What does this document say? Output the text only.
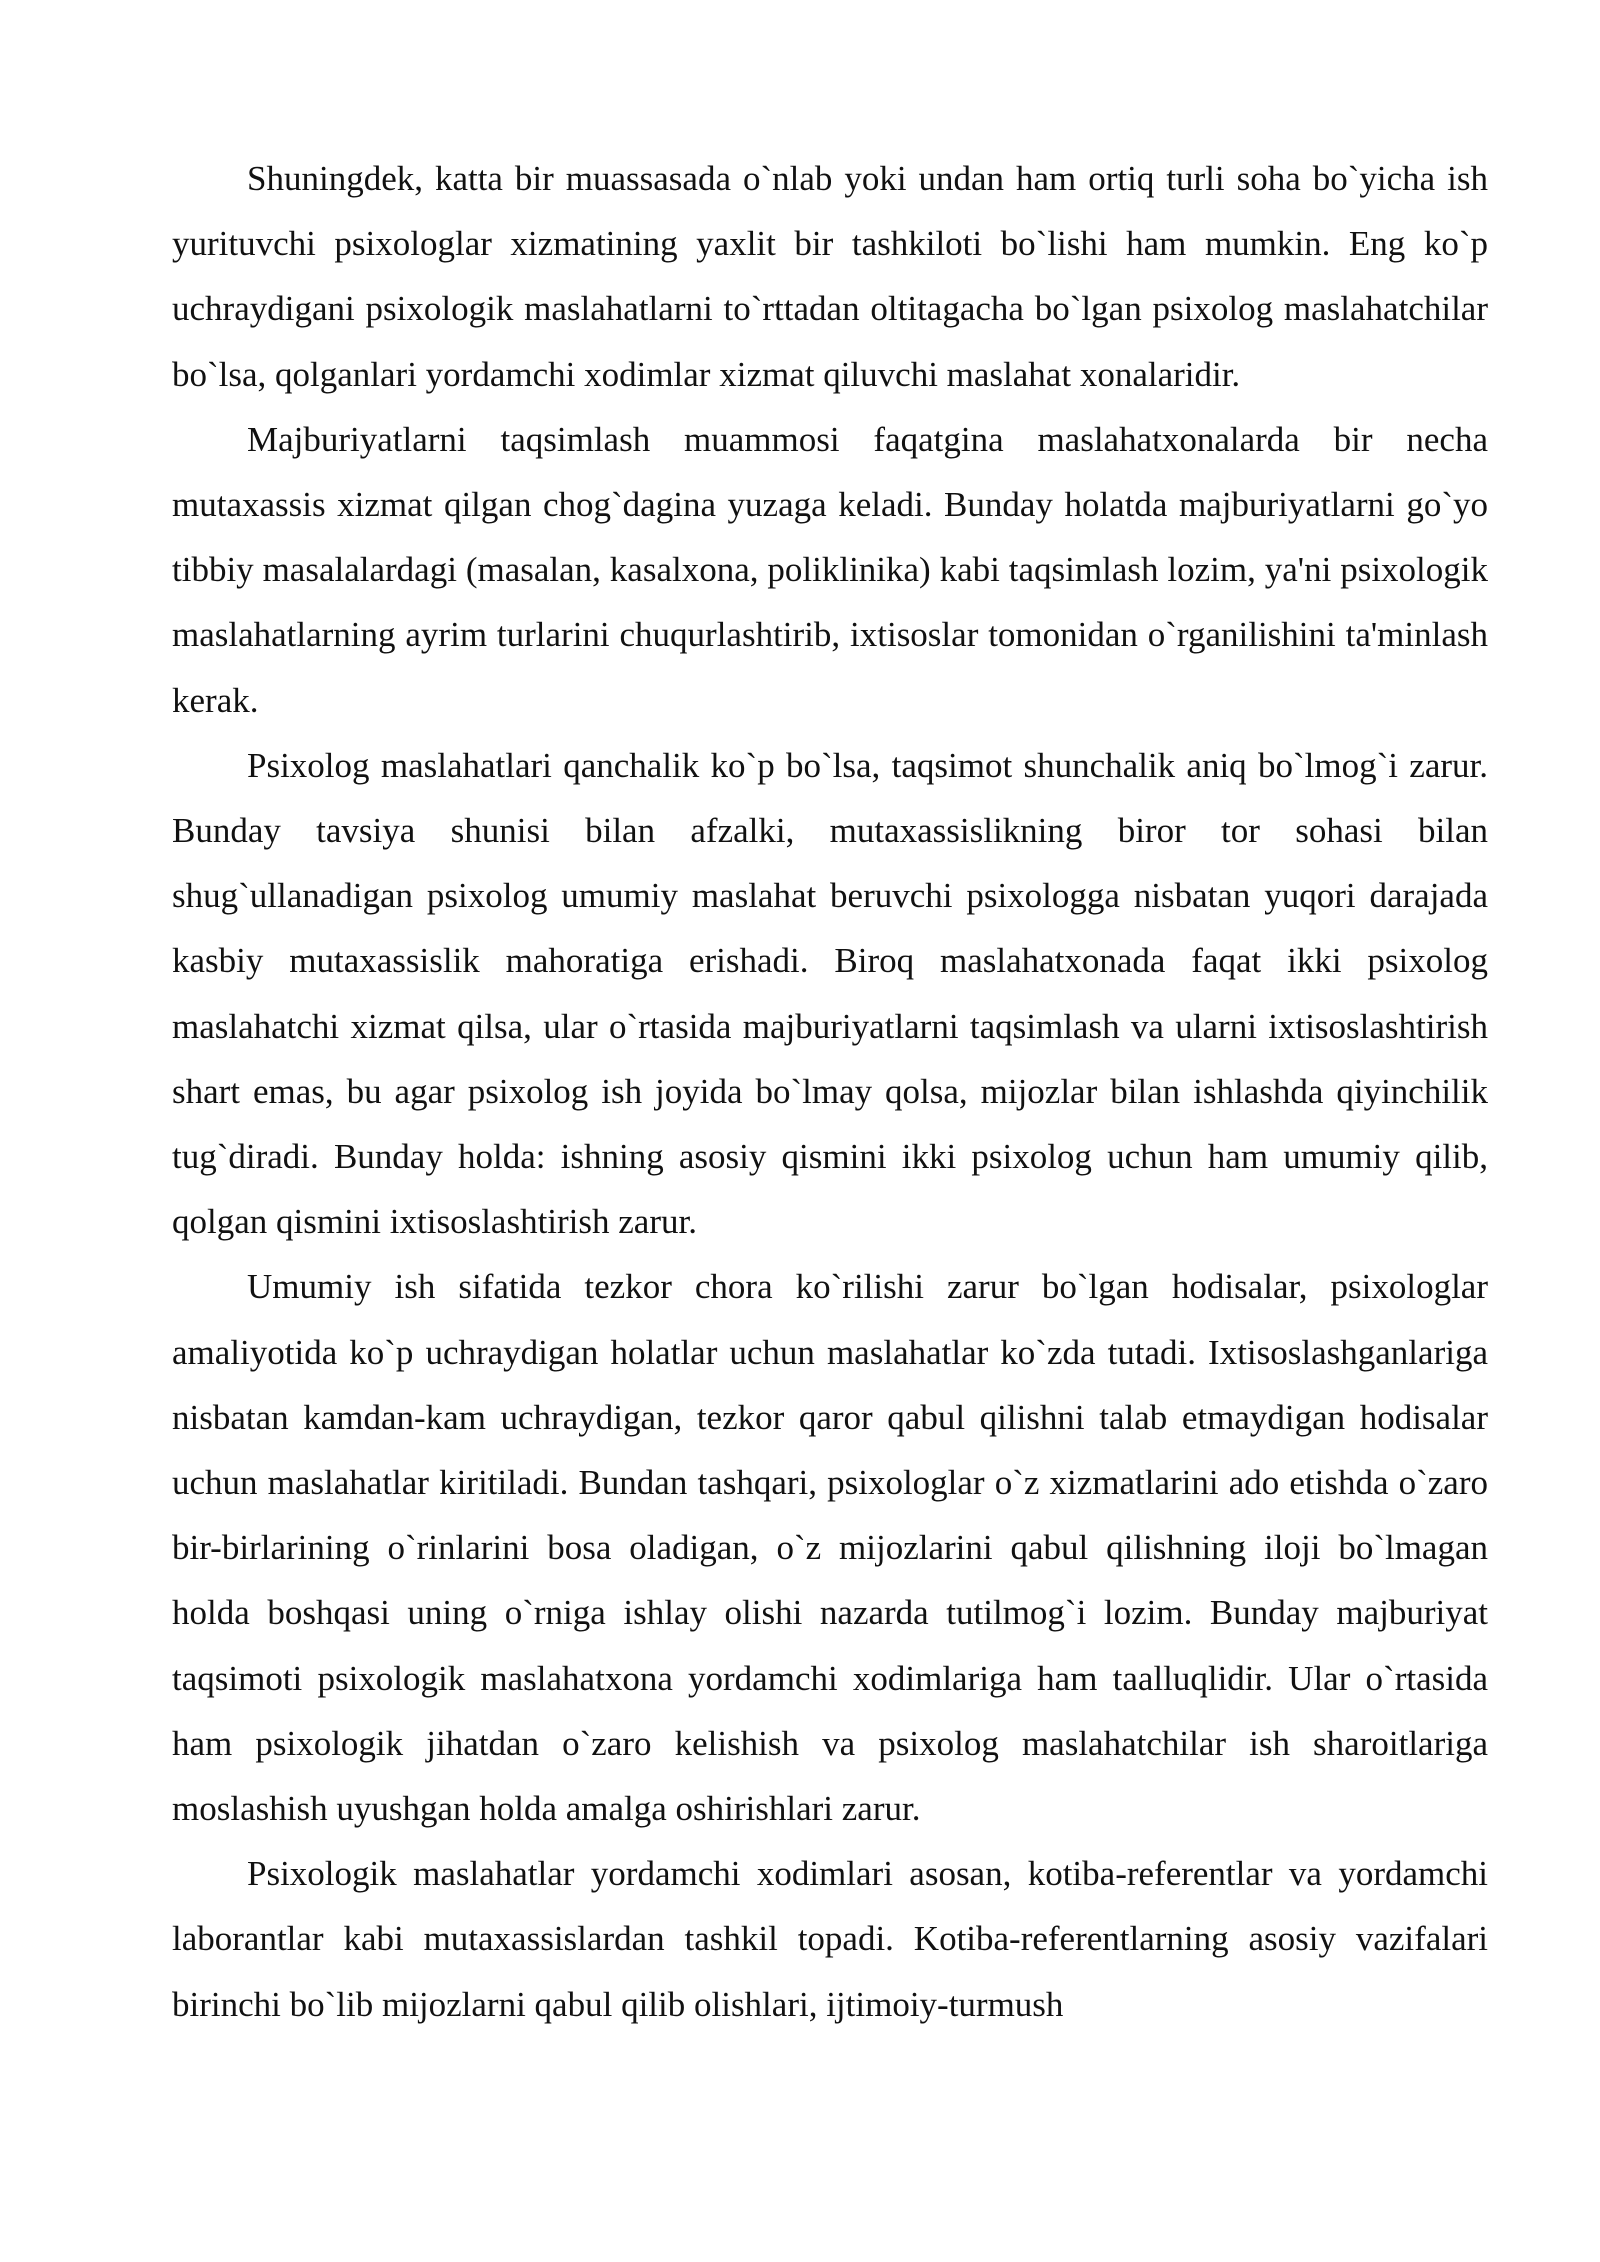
Shuningdek, katta bir muassasada o`nlab yoki undan ham ortiq turli soha bo`yicha ish yurituvchi psixologlar xizmatining yaxlit bir tashkiloti bo`lishi ham mumkin. Eng ko`p uchraydigani psixologik maslahatlarni to`rttadan oltitagacha bo`lgan psixolog maslahatchilar bo`lsa, qolganlari yordamchi xodimlar xizmat qiluvchi maslahat xonalaridir.

Majburiyatlarni taqsimlash muammosi faqatgina maslahatxonalarda bir necha mutaxassis xizmat qilgan chog`dagina yuzaga keladi. Bunday holatda majburiyatlarni go`yo tibbiy masalalardagi (masalan, kasalxona, poliklinika) kabi taqsimlash lozim, ya'ni psixologik maslahatlarning ayrim turlarini chuqurlashtirib, ixtisoslar tomonidan o`rganilishini ta'minlash kerak.

Psixolog maslahatlari qanchalik ko`p bo`lsa, taqsimot shunchalik aniq bo`lmog`i zarur. Bunday tavsiya shunisi bilan afzalki, mutaxassislikning biror tor sohasi bilan shug`ullanadigan psixolog umumiy maslahat beruvchi psixologga nisbatan yuqori darajada kasbiy mutaxassislik mahoratiga erishadi. Biroq maslahatxonada faqat ikki psixolog maslahatchi xizmat qilsa, ular o`rtasida majburiyatlarni taqsimlash va ularni ixtisoslashtirish shart emas, bu agar psixolog ish joyida bo`lmay qolsa, mijozlar bilan ishlashda qiyinchilik tug`diradi. Bunday holda: ishning asosiy qismini ikki psixolog uchun ham umumiy qilib, qolgan qismini ixtisoslashtirish zarur.

Umumiy ish sifatida tezkor chora ko`rilishi zarur bo`lgan hodisalar, psixologlar amaliyotida ko`p uchraydigan holatlar uchun maslahatlar ko`zda tutadi. Ixtisoslashganlariga nisbatan kamdan-kam uchraydigan, tezkor qaror qabul qilishni talab etmaydigan hodisalar uchun maslahatlar kiritiladi. Bundan tashqari, psixologlar o`z xizmatlarini ado etishda o`zaro bir-birlarining o`rinlarini bosa oladigan, o`z mijozlarini qabul qilishning iloji bo`lmagan holda boshqasi uning o`rniga ishlay olishi nazarda tutilmog`i lozim. Bunday majburiyat taqsimoti psixologik maslahatxona yordamchi xodimlariga ham taalluqlidir. Ular o`rtasida ham psixologik jihatdan o`zaro kelishish va psixolog maslahatchilar ish sharoitlariga moslashish uyushgan holda amalga oshirishlari zarur.

Psixologik maslahatlar yordamchi xodimlari asosan, kotiba-referentlar va yordamchi laborantlar kabi mutaxassislardan tashkil topadi. Kotiba-referentlarning asosiy vazifalari birinchi bo`lib mijozlarni qabul qilib olishlari, ijtimoiy-turmush
